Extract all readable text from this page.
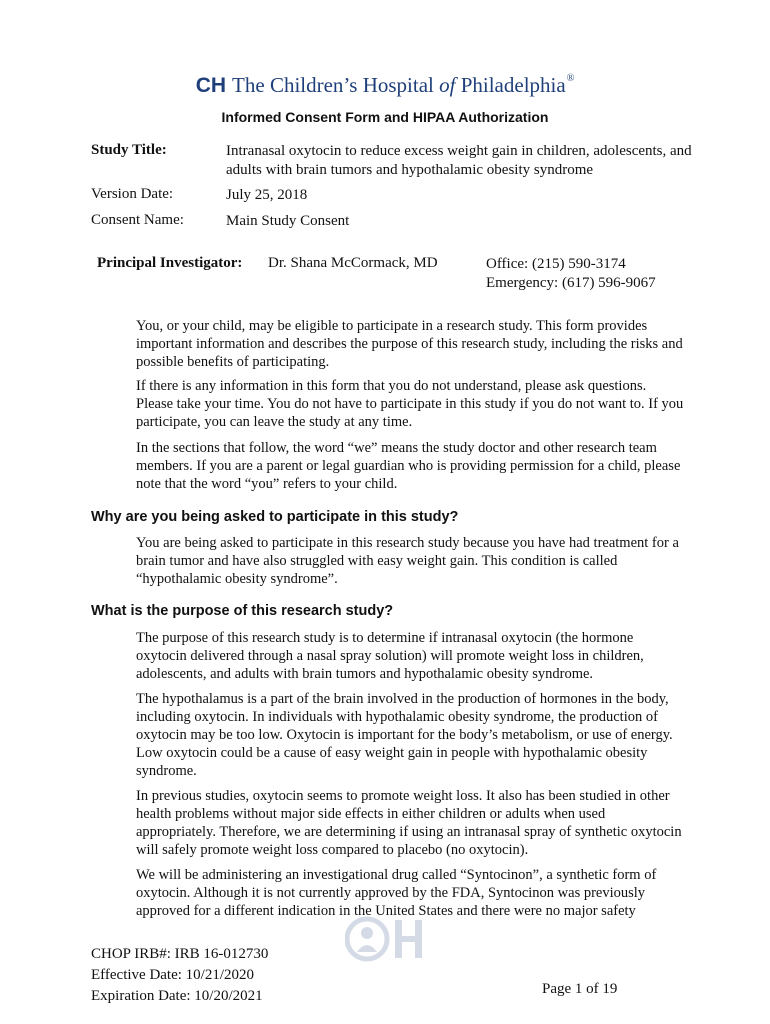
CH The Children’s Hospital of Philadelphia®
Informed Consent Form and HIPAA Authorization
Study Title:	Intranasal oxytocin to reduce excess weight gain in children, adolescents, and adults with brain tumors and hypothalamic obesity syndrome
Version Date:	July 25, 2018
Consent Name:	Main Study Consent
Principal Investigator: Dr. Shana McCormack, MD	Office: (215) 590-3174
Emergency: (617) 596-9067

You, or your child, may be eligible to participate in a research study. This form provides important information and describes the purpose of this research study, including the risks and possible benefits of participating.

If there is any information in this form that you do not understand, please ask questions. Please take your time. You do not have to participate in this study if you do not want to. If you participate, you can leave the study at any time.

In the sections that follow, the word “we” means the study doctor and other research team members. If you are a parent or legal guardian who is providing permission for a child, please note that the word “you” refers to your child.

Why are you being asked to participate in this study?

You are being asked to participate in this research study because you have had treatment for a brain tumor and have also struggled with easy weight gain. This condition is called “hypothalamic obesity syndrome”.

What is the purpose of this research study?

The purpose of this research study is to determine if intranasal oxytocin (the hormone oxytocin delivered through a nasal spray solution) will promote weight loss in children, adolescents, and adults with brain tumors and hypothalamic obesity syndrome.

The hypothalamus is a part of the brain involved in the production of hormones in the body, including oxytocin. In individuals with hypothalamic obesity syndrome, the production of oxytocin may be too low. Oxytocin is important for the body’s metabolism, or use of energy. Low oxytocin could be a cause of easy weight gain in people with hypothalamic obesity syndrome.

In previous studies, oxytocin seems to promote weight loss. It also has been studied in other health problems without major side effects in either children or adults when used appropriately. Therefore, we are determining if using an intranasal spray of synthetic oxytocin will safely promote weight loss compared to placebo (no oxytocin).

We will be administering an investigational drug called “Syntocinon”, a synthetic form of oxytocin. Although it is not currently approved by the FDA, Syntocinon was previously approved for a different indication in the United States and there were no major safety

CHOP IRB#: IRB 16-012730
Effective Date: 10/21/2020
Expiration Date: 10/20/2021	Page 1 of 19
